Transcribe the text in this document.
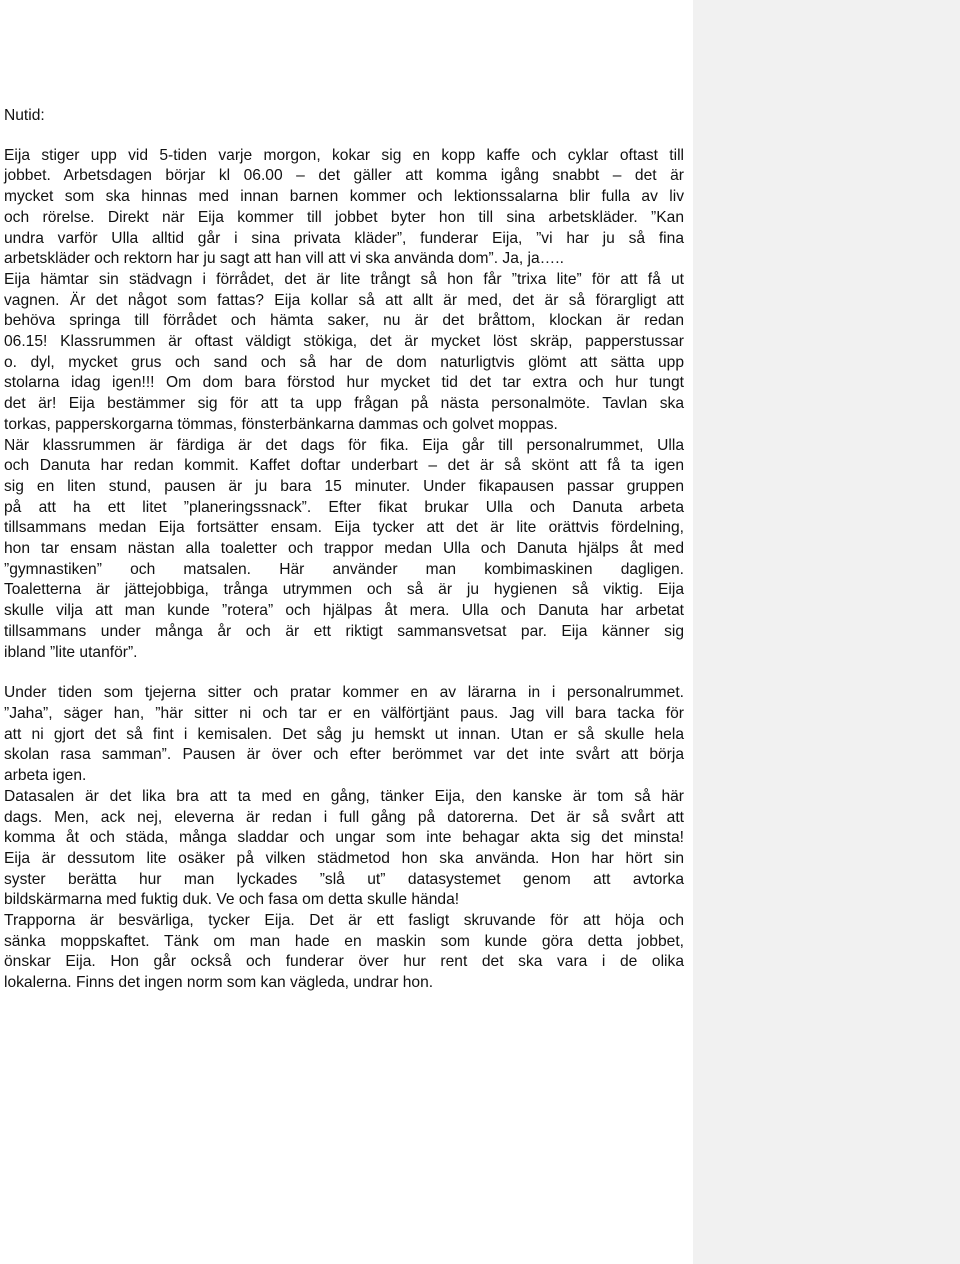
Nutid:

Eija stiger upp vid 5-tiden varje morgon, kokar sig en kopp kaffe och cyklar oftast till
jobbet. Arbetsdagen börjar kl 06.00 – det gäller att komma igång snabbt – det är
mycket som ska hinnas med innan barnen kommer och lektionssalarna blir fulla av liv
och rörelse. Direkt när Eija kommer till jobbet byter hon till sina arbetskläder. ”Kan
undra varför Ulla alltid går i sina privata kläder”, funderar Eija, ”vi har ju så fina
arbetskläder och rektorn har ju sagt att han vill att vi ska använda dom”. Ja, ja…..
Eija hämtar sin städvagn i förrådet, det är lite trångt så hon får ”trixa lite” för att få ut
vagnen. Är det något som fattas? Eija kollar så att allt är med, det är så förargligt att
behöva springa till förrådet och hämta saker, nu är det bråttom, klockan är redan
06.15! Klassrummen är oftast väldigt stökiga, det är mycket löst skräp, papperstussar
o. dyl, mycket grus och sand och så har de dom naturligtvis glömt att sätta upp
stolarna idag igen!!! Om dom bara förstod hur mycket tid det tar extra och hur tungt
det är! Eija bestämmer sig för att ta upp frågan på nästa personalmöte. Tavlan ska
torkas, papperskorgarna tömmas, fönsterbänkarna dammas och golvet moppas.
När klassrummen är färdiga är det dags för fika. Eija går till personalrummet, Ulla
och Danuta har redan kommit. Kaffet doftar underbart – det är så skönt att få ta igen
sig en liten stund, pausen är ju bara 15 minuter. Under fikapausen passar gruppen
på att ha ett litet ”planeringssnack”. Efter fikat brukar Ulla och Danuta arbeta
tillsammans medan Eija fortsätter ensam. Eija tycker att det är lite orättvis fördelning,
hon tar ensam nästan alla toaletter och trappor medan Ulla och Danuta hjälps åt med
”gymnastiken” och matsalen. Här använder man kombimaskinen dagligen.
Toaletterna är jättejobbiga, trånga utrymmen och så är ju hygienen så viktig. Eija
skulle vilja att man kunde ”rotera” och hjälpas åt mera. Ulla och Danuta har arbetat
tillsammans under många år och är ett riktigt sammansvetsat par. Eija känner sig
ibland ”lite utanför”.

Under tiden som tjejerna sitter och pratar kommer en av lärarna in i personalrummet.
”Jaha”, säger han, ”här sitter ni och tar er en välförtjänt paus. Jag vill bara tacka för
att ni gjort det så fint i kemisalen. Det såg ju hemskt ut innan. Utan er så skulle hela
skolan rasa samman”. Pausen är över och efter berömmet var det inte svårt att börja
arbeta igen.
Datasalen är det lika bra att ta med en gång, tänker Eija, den kanske är tom så här
dags. Men, ack nej, eleverna är redan i full gång på datorerna. Det är så svårt att
komma åt och städa, många sladdar och ungar som inte behagar akta sig det minsta!
Eija är dessutom lite osäker på vilken städmetod hon ska använda. Hon har hört sin
syster berätta hur man lyckades ”slå ut” datasystemet genom att avtorka
bildskärmarna med fuktig duk. Ve och fasa om detta skulle hända!
Trapporna är besvärliga, tycker Eija. Det är ett fasligt skruvande för att höja och
sänka moppskaftet. Tänk om man hade en maskin som kunde göra detta jobbet,
önskar Eija. Hon går också och funderar över hur rent det ska vara i de olika
lokalerna. Finns det ingen norm som kan vägleda, undrar hon.
